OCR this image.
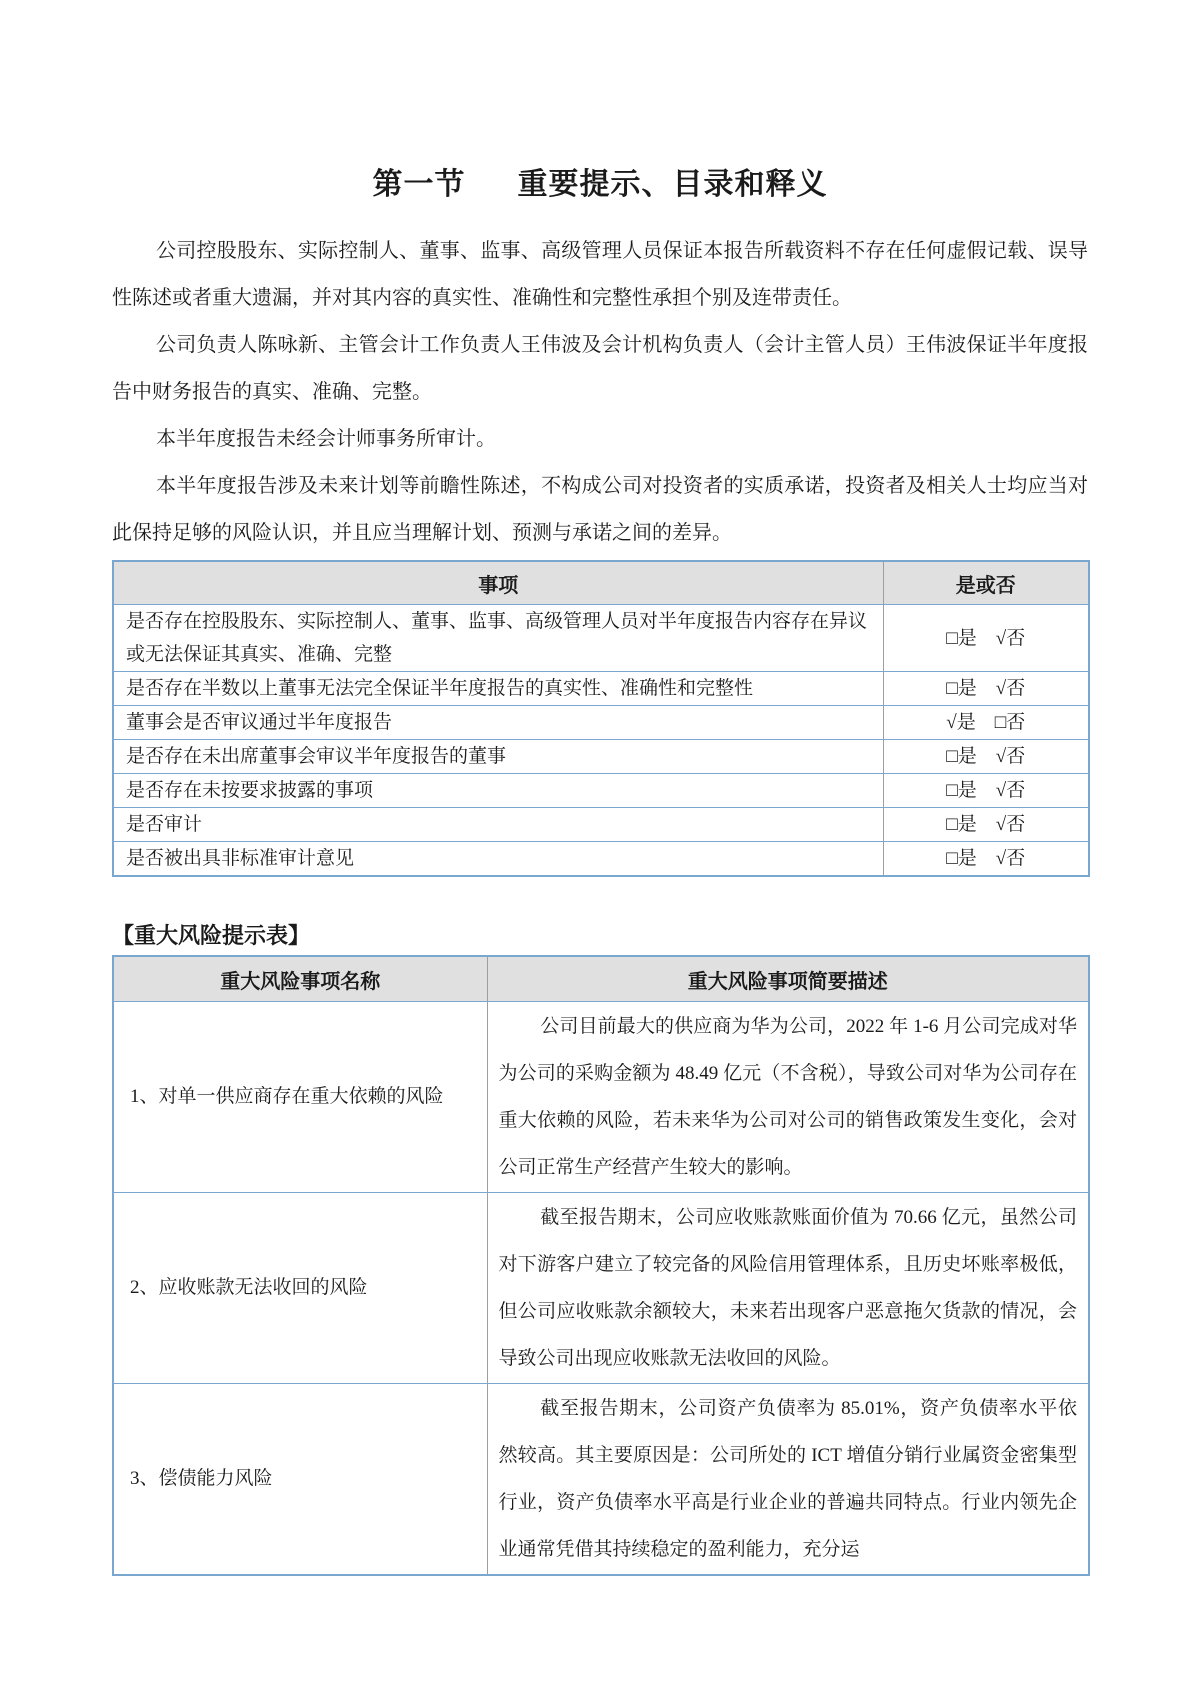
第一节 重要提示、目录和释义

公司控股股东、实际控制人、董事、监事、高级管理人员保证本报告所载资料不存在任何虚假记载、误导性陈述或者重大遗漏，并对其内容的真实性、准确性和完整性承担个别及连带责任。

公司负责人陈咏新、主管会计工作负责人王伟波及会计机构负责人（会计主管人员）王伟波保证半年度报告中财务报告的真实、准确、完整。

本半年度报告未经会计师事务所审计。

本半年度报告涉及未来计划等前瞻性陈述，不构成公司对投资者的实质承诺，投资者及相关人士均应当对此保持足够的风险认识，并且应当理解计划、预测与承诺之间的差异。

事项	是或否
是否存在控股股东、实际控制人、董事、监事、高级管理人员对半年度报告内容存在异议或无法保证其真实、准确、完整	□是　√否
是否存在半数以上董事无法完全保证半年度报告的真实性、准确性和完整性	□是　√否
董事会是否审议通过半年度报告	√是　□否
是否存在未出席董事会审议半年度报告的董事	□是　√否
是否存在未按要求披露的事项	□是　√否
是否审计	□是　√否
是否被出具非标准审计意见	□是　√否
【重大风险提示表】
重大风险事项名称	重大风险事项简要描述
1、对单一供应商存在重大依赖的风险	公司目前最大的供应商为华为公司，2022 年 1-6 月公司完成对华为公司的采购金额为 48.49 亿元（不含税），导致公司对华为公司存在重大依赖的风险，若未来华为公司对公司的销售政策发生变化，会对公司正常生产经营产生较大的影响。
2、应收账款无法收回的风险	截至报告期末，公司应收账款账面价值为 70.66 亿元，虽然公司对下游客户建立了较完备的风险信用管理体系，且历史坏账率极低，但公司应收账款余额较大，未来若出现客户恶意拖欠货款的情况，会导致公司出现应收账款无法收回的风险。
3、偿债能力风险	截至报告期末，公司资产负债率为 85.01%，资产负债率水平依然较高。其主要原因是：公司所处的 ICT 增值分销行业属资金密集型行业，资产负债率水平高是行业企业的普遍共同特点。行业内领先企业通常凭借其持续稳定的盈利能力，充分运
